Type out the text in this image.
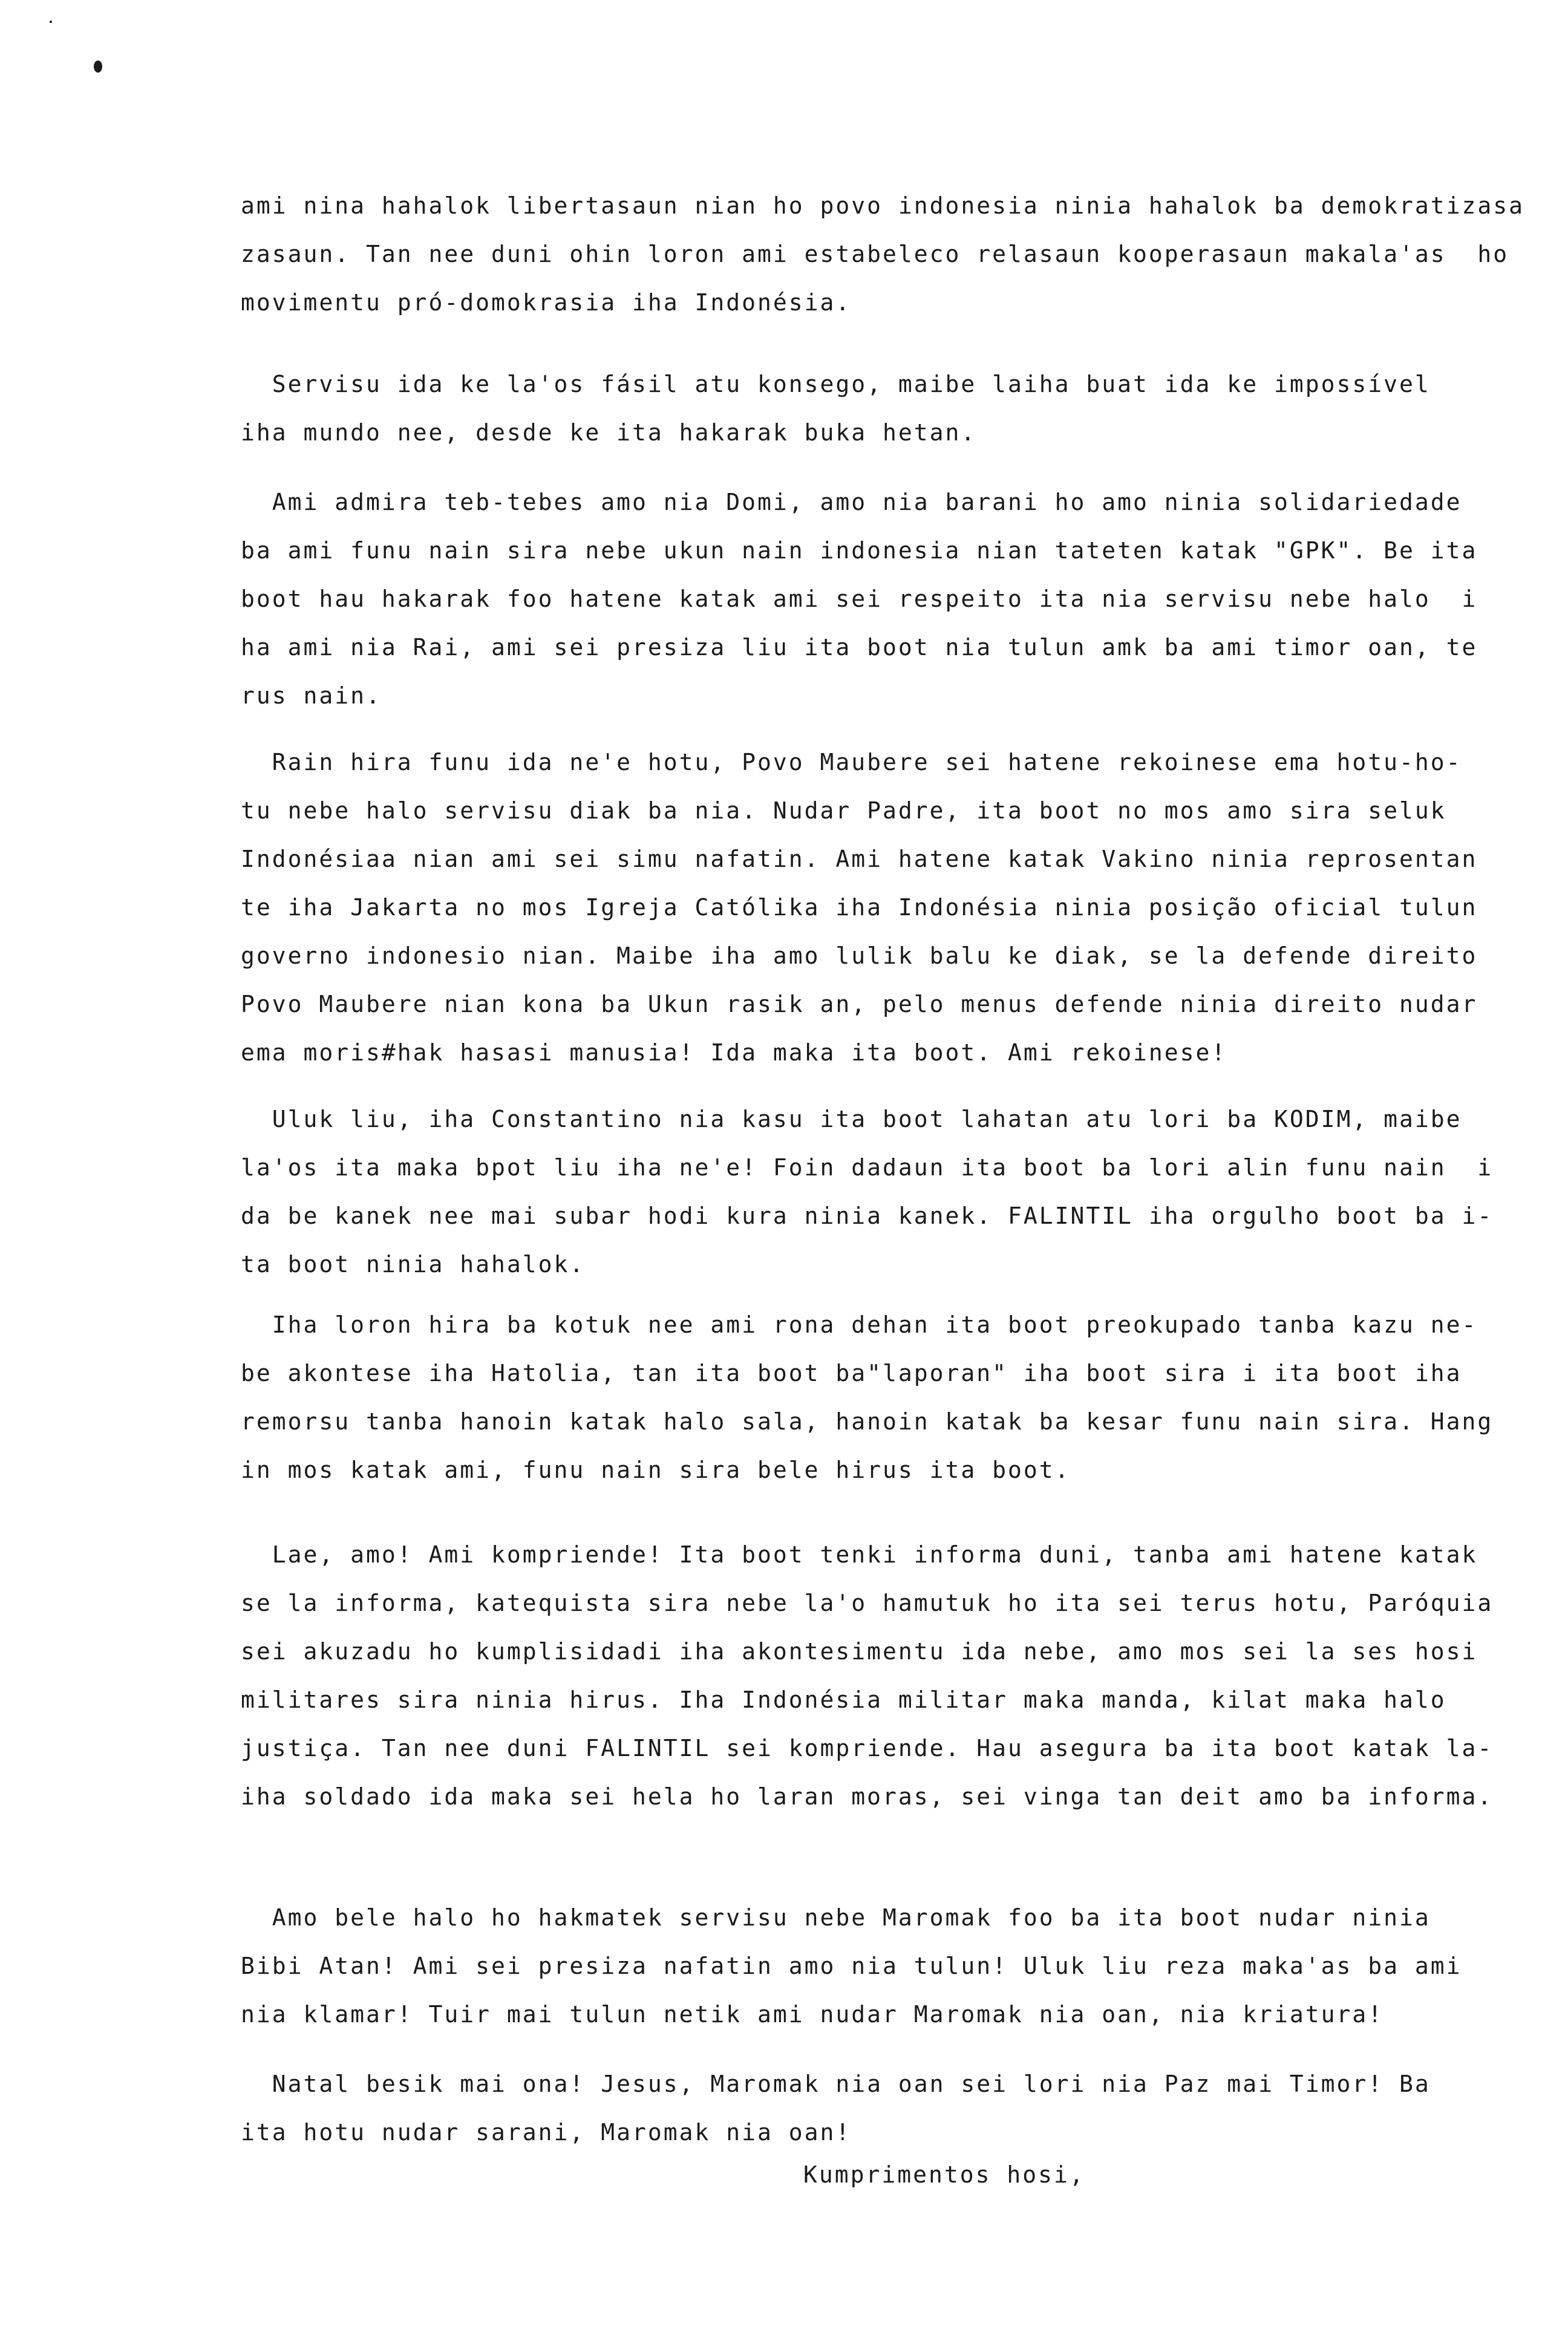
ami nina hahalok libertasaun nian ho povo indonesia ninia hahalok ba demokratizasa
zasaun. Tan nee duni ohin loron ami estabeleco relasaun kooperasaun makala'as  ho
movimentu pró-domokrasia iha Indonésia.
Servisu ida ke la'os fásil atu konsego, maibe laiha buat ida ke impossível
iha mundo nee, desde ke ita hakarak buka hetan.
Ami admira teb-tebes amo nia Domi, amo nia barani ho amo ninia solidariedade
ba ami funu nain sira nebe ukun nain indonesia nian tateten katak "GPK". Be ita
boot hau hakarak foo hatene katak ami sei respeito ita nia servisu nebe halo  i
ha ami nia Rai, ami sei presiza liu ita boot nia tulun amk ba ami timor oan, te
rus nain.
Rain hira funu ida ne'e hotu, Povo Maubere sei hatene rekoinese ema hotu-ho-
tu nebe halo servisu diak ba nia. Nudar Padre, ita boot no mos amo sira seluk
Indonésiaa nian ami sei simu nafatin. Ami hatene katak Vakino ninia reprosentan
te iha Jakarta no mos Igreja Católika iha Indonésia ninia posição oficial tulun
governo indonesio nian. Maibe iha amo lulik balu ke diak, se la defende direito
Povo Maubere nian kona ba Ukun rasik an, pelo menus defende ninia direito nudar
ema moris#hak hasasi manusia! Ida maka ita boot. Ami rekoinese!
Uluk liu, iha Constantino nia kasu ita boot lahatan atu lori ba KODIM, maibe
la'os ita maka bpot liu iha ne'e! Foin dadaun ita boot ba lori alin funu nain  i
da be kanek nee mai subar hodi kura ninia kanek. FALINTIL iha orgulho boot ba i-
ta boot ninia hahalok.
Iha loron hira ba kotuk nee ami rona dehan ita boot preokupado tanba kazu ne-
be akontese iha Hatolia, tan ita boot ba"laporan" iha boot sira i ita boot iha
remorsu tanba hanoin katak halo sala, hanoin katak ba kesar funu nain sira. Hang
in mos katak ami, funu nain sira bele hirus ita boot.
Lae, amo! Ami kompriende! Ita boot tenki informa duni, tanba ami hatene katak
se la informa, katequista sira nebe la'o hamutuk ho ita sei terus hotu, Paróquia
sei akuzadu ho kumplisidadi iha akontesimentu ida nebe, amo mos sei la ses hosi
militares sira ninia hirus. Iha Indonésia militar maka manda, kilat maka halo
justiça. Tan nee duni FALINTIL sei kompriende. Hau asegura ba ita boot katak la-
iha soldado ida maka sei hela ho laran moras, sei vinga tan deit amo ba informa.
Amo bele halo ho hakmatek servisu nebe Maromak foo ba ita boot nudar ninia
Bibi Atan! Ami sei presiza nafatin amo nia tulun! Uluk liu reza maka'as ba ami
nia klamar! Tuir mai tulun netik ami nudar Maromak nia oan, nia kriatura!
Natal besik mai ona! Jesus, Maromak nia oan sei lori nia Paz mai Timor! Ba
ita hotu nudar sarani, Maromak nia oan!
Kumprimentos hosi,
